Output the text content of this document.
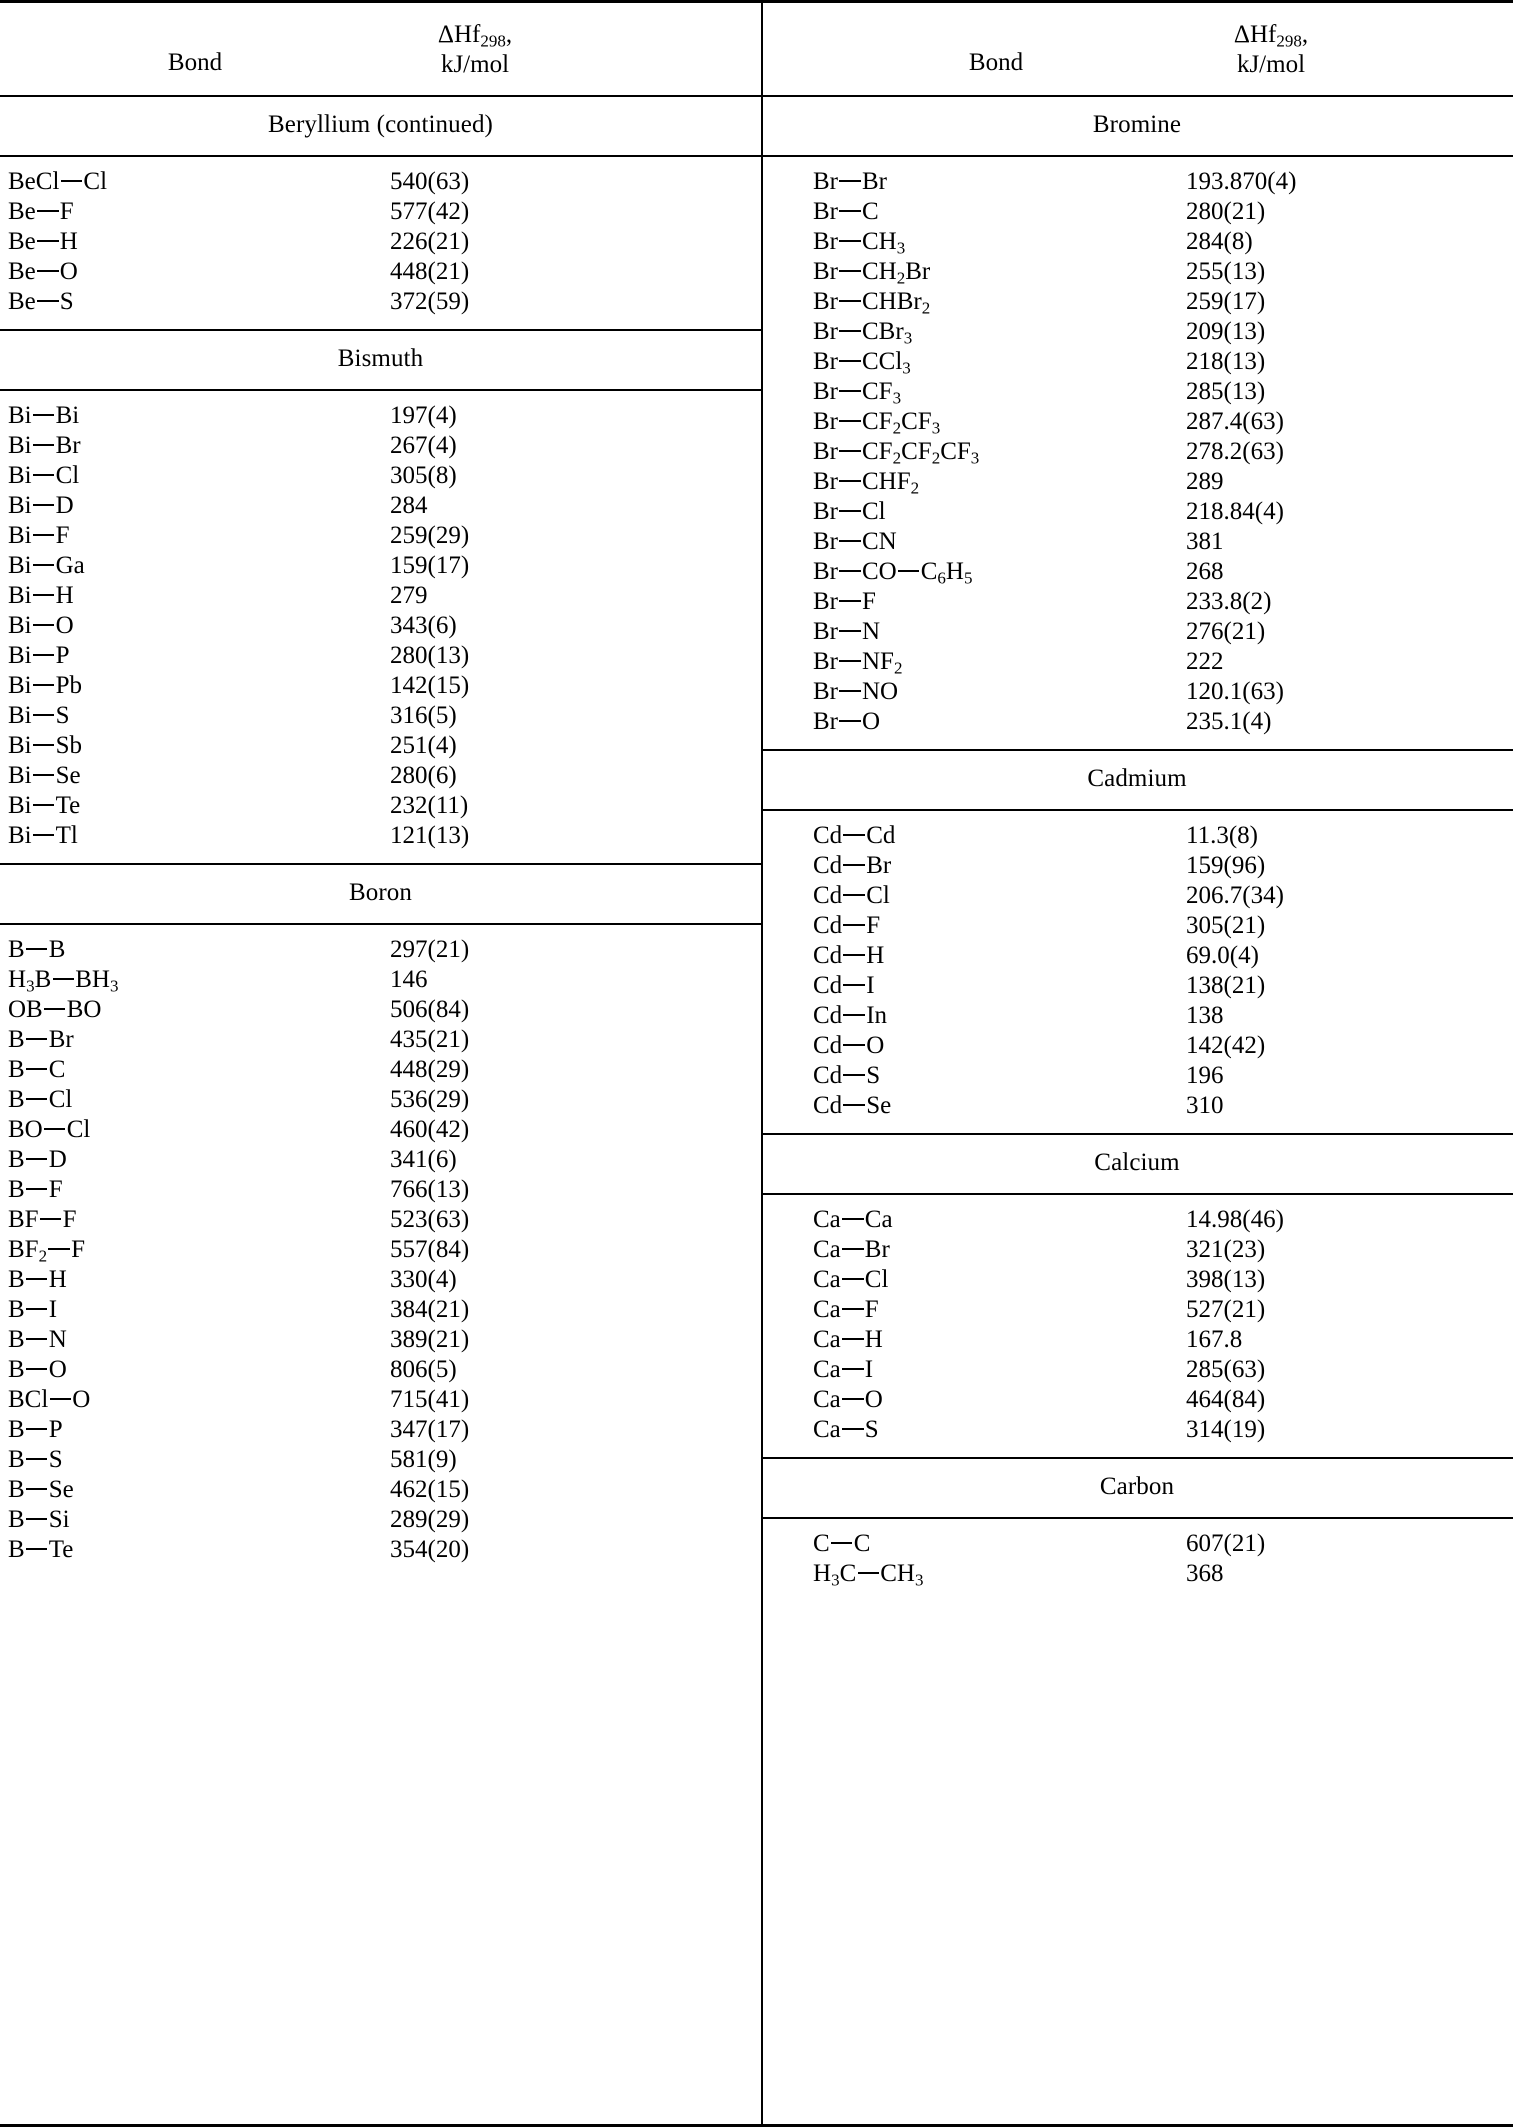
Bond
ΔHf$_{298}$,
kJ/mol
Beryllium (continued)
BeCl Cl	540(63)
Be F	577(42)
Be H	226(21)
Be O	448(21)
Be S	372(59)
Bismuth
Bi Bi	197(4)
Bi Br	267(4)
Bi Cl	305(8)
Bi D	284
Bi F	259(29)
Bi Ga	159(17)
Bi H	279
Bi O	343(6)
Bi P	280(13)
Bi Pb	142(15)
Bi S	316(5)
Bi Sb	251(4)
Bi Se	280(6)
Bi Te	232(11)
Bi Tl	121(13)
Boron
B B	297(21)
$H_3B$ $BH_3$	146
OB BO	506(84)
B Br	435(21)
B C	448(29)
B Cl	536(29)
BO Cl	460(42)
B D	341(6)
B F	766(13)
BF F	523(63)
$BF_2$ F	557(84)
B H	330(4)
B I	384(21)
B N	389(21)
B O	806(5)
BCl O	715(41)
B P	347(17)
B S	581(9)
B Se	462(15)
B Si	289(29)
B Te	354(20)
Bond
ΔHf$_{298}$,
kJ/mol
Bromine
Br Br	193.870(4)
Br C	280(21)
Br $CH_3$	284(8)
Br $CH_2Br$	255(13)
Br CHBr$_2$	259(17)
Br CBr$_3$	209(13)
Br CCl$_3$	218(13)
Br $CF_3$	285(13)
Br $CF_2CF_3$	287.4(63)
Br $CF_2CF_2CF_3$	278.2(63)
Br $CHF_2$	289
Br Cl	218.84(4)
Br CN	381
Br CO $C_6H_5$	268
Br F	233.8(2)
Br N	276(21)
Br $NF_2$	222
Br NO	120.1(63)
Br O	235.1(4)
Cadmium
Cd Cd	11.3(8)
Cd Br	159(96)
Cd Cl	206.7(34)
Cd F	305(21)
Cd H	69.0(4)
Cd I	138(21)
Cd In	138
Cd O	142(42)
Cd S	196
Cd Se	310
Calcium
Ca Ca	14.98(46)
Ca Br	321(23)
Ca Cl	398(13)
Ca F	527(21)
Ca H	167.8
Ca I	285(63)
Ca O	464(84)
Ca S	314(19)
Carbon
C C	607(21)
$H_3C$ $CH_3$	368
